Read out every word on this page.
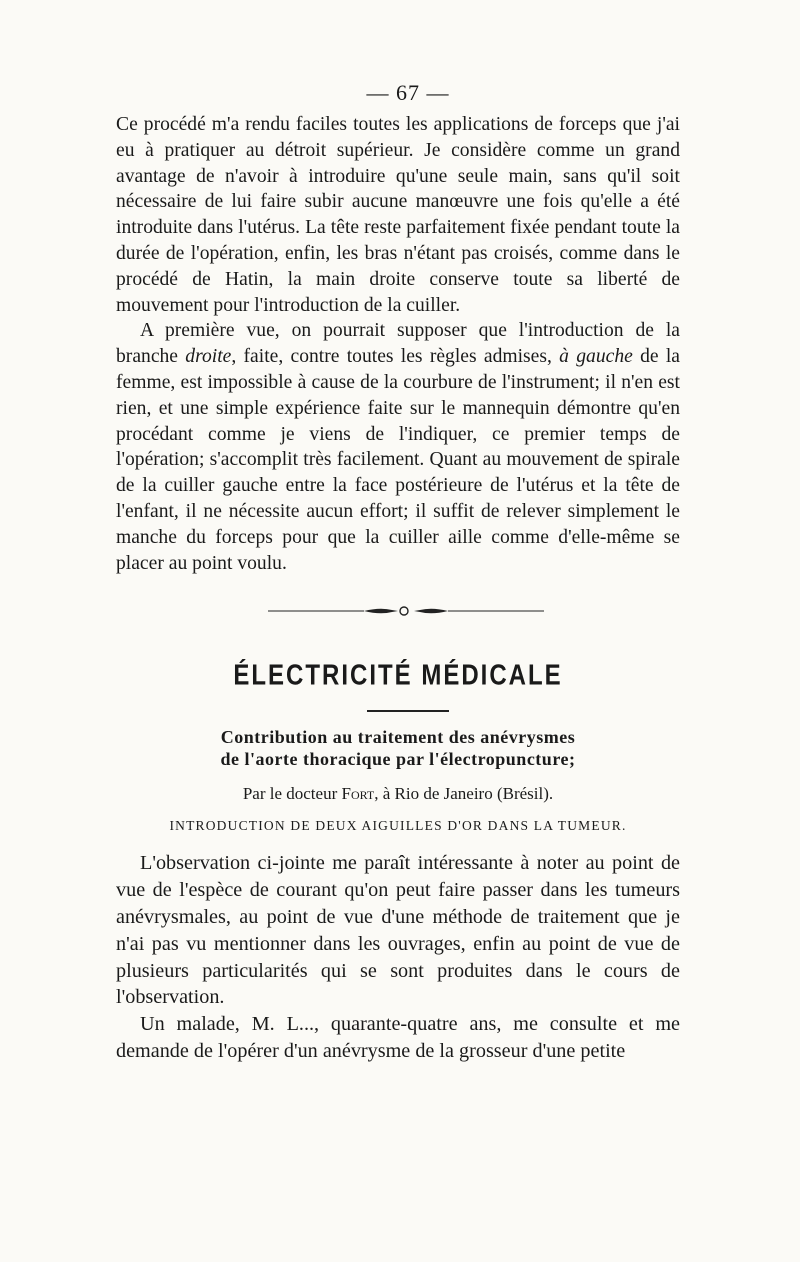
— 67 —

Ce procédé m'a rendu faciles toutes les applications de forceps que j'ai eu à pratiquer au détroit supérieur. Je considère comme un grand avantage de n'avoir à introduire qu'une seule main, sans qu'il soit nécessaire de lui faire subir aucune manœuvre une fois qu'elle a été introduite dans l'utérus. La tête reste parfaitement fixée pendant toute la durée de l'opération, enfin, les bras n'étant pas croisés, comme dans le procédé de Hatin, la main droite conserve toute sa liberté de mouvement pour l'introduction de la cuiller.

A première vue, on pourrait supposer que l'introduction de la branche droite, faite, contre toutes les règles admises, à gauche de la femme, est impossible à cause de la courbure de l'instrument; il n'en est rien, et une simple expérience faite sur le mannequin démontre qu'en procédant comme je viens de l'indiquer, ce premier temps de l'opération; s'accomplit très facilement. Quant au mouvement de spirale de la cuiller gauche entre la face postérieure de l'utérus et la tête de l'enfant, il ne nécessite aucun effort; il suffit de relever simplement le manche du forceps pour que la cuiller aille comme d'elle-même se placer au point voulu.

ÉLECTRICITÉ MÉDICALE
Contribution au traitement des anévrysmes
de l'aorte thoracique par l'électropuncture;
Par le docteur Fort, à Rio de Janeiro (Brésil).
INTRODUCTION DE DEUX AIGUILLES D'OR DANS LA TUMEUR.

L'observation ci-jointe me paraît intéressante à noter au point de vue de l'espèce de courant qu'on peut faire passer dans les tumeurs anévrysmales, au point de vue d'une méthode de traitement que je n'ai pas vu mentionner dans les ouvrages, enfin au point de vue de plusieurs particularités qui se sont produites dans le cours de l'observation.

Un malade, M. L..., quarante-quatre ans, me consulte et me demande de l'opérer d'un anévrysme de la grosseur d'une petite
